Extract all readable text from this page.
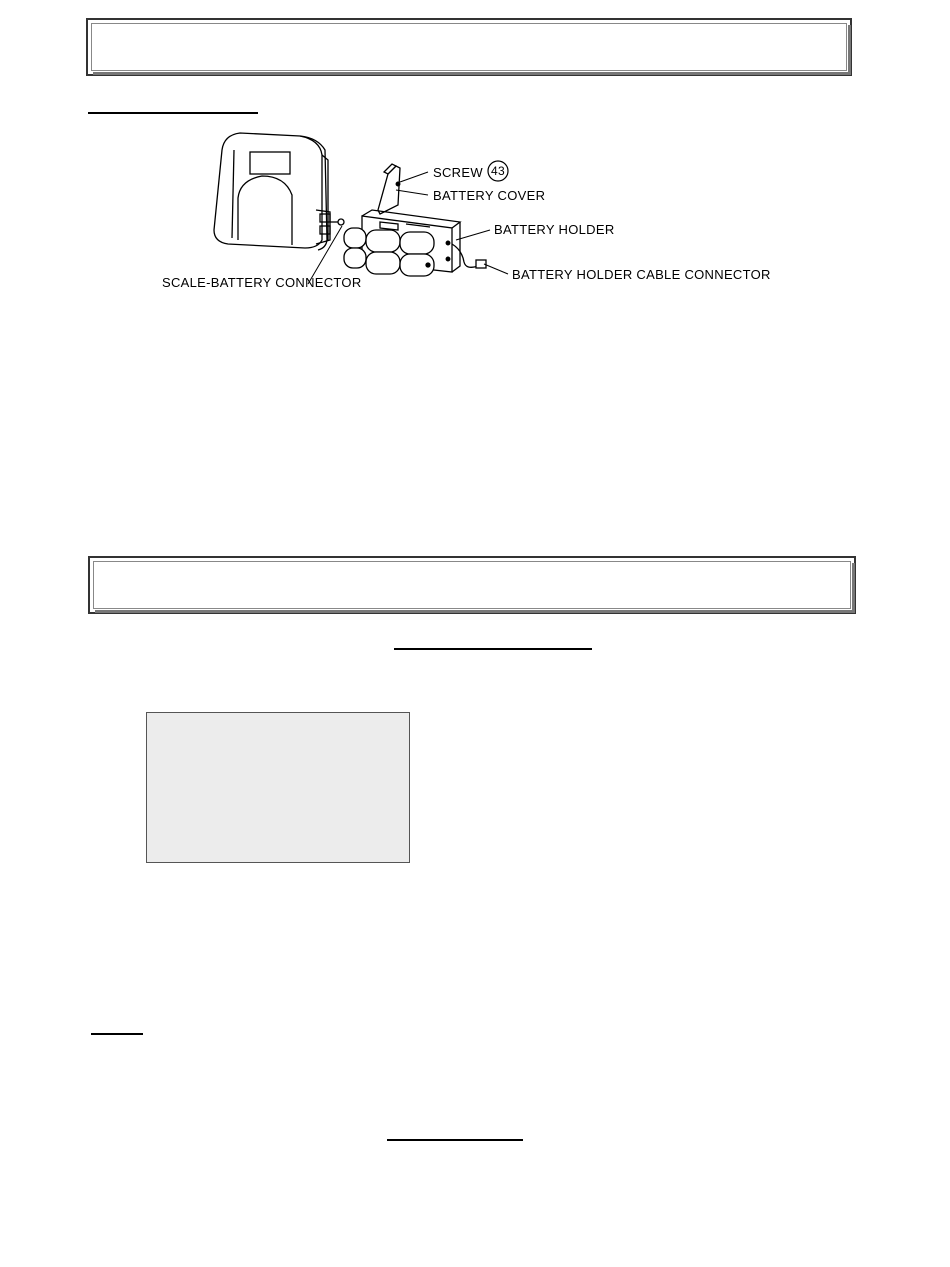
SCREW 43
BATTERY COVER
BATTERY HOLDER
BATTERY HOLDER CABLE CONNECTOR
SCALE-BATTERY CONNECTOR
